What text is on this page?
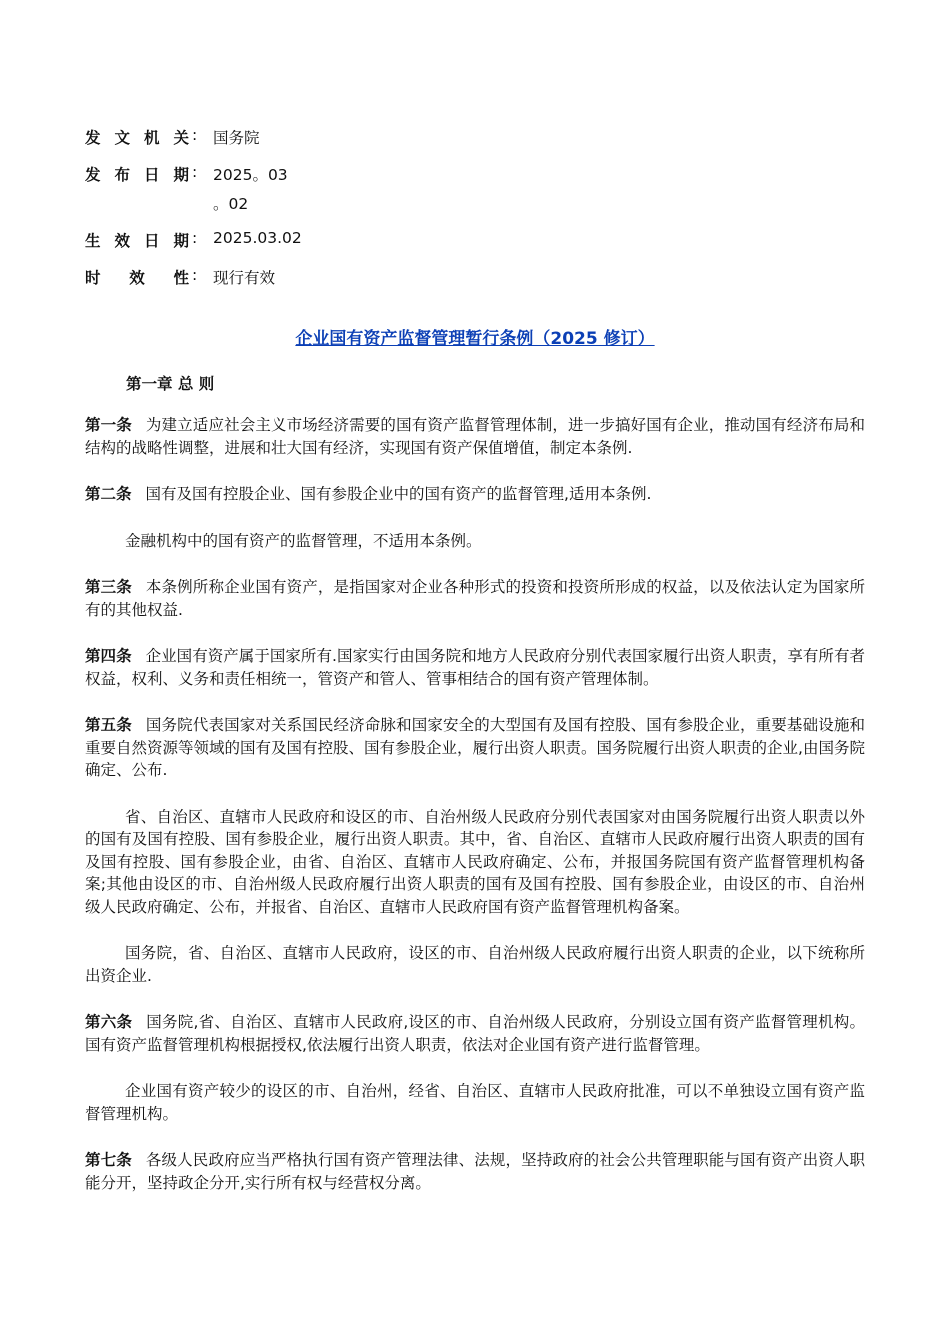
发 文 机 关 : 国务院
发 布 日 期 : 2025。03
。02
生 效 日 期 : 2025.03.02
时 效 性 : 现行有效
企业国有资产监督管理暂行条例（2025 修订）
第一章 总 则

第一条 为建立适应社会主义市场经济需要的国有资产监督管理体制，进一步搞好国有企业，推动国有经济布局和结构的战略性调整，进展和壮大国有经济，实现国有资产保值增值，制定本条例.

第二条 国有及国有控股企业、国有参股企业中的国有资产的监督管理,适用本条例.

金融机构中的国有资产的监督管理，不适用本条例。

第三条 本条例所称企业国有资产，是指国家对企业各种形式的投资和投资所形成的权益，以及依法认定为国家所有的其他权益.

第四条 企业国有资产属于国家所有.国家实行由国务院和地方人民政府分别代表国家履行出资人职责，享有所有者权益，权利、义务和责任相统一，管资产和管人、管事相结合的国有资产管理体制。

第五条 国务院代表国家对关系国民经济命脉和国家安全的大型国有及国有控股、国有参股企业，重要基础设施和重要自然资源等领域的国有及国有控股、国有参股企业，履行出资人职责。国务院履行出资人职责的企业,由国务院确定、公布.

省、自治区、直辖市人民政府和设区的市、自治州级人民政府分别代表国家对由国务院履行出资人职责以外的国有及国有控股、国有参股企业，履行出资人职责。其中，省、自治区、直辖市人民政府履行出资人职责的国有及国有控股、国有参股企业，由省、自治区、直辖市人民政府确定、公布，并报国务院国有资产监督管理机构备案;其他由设区的市、自治州级人民政府履行出资人职责的国有及国有控股、国有参股企业，由设区的市、自治州级人民政府确定、公布，并报省、自治区、直辖市人民政府国有资产监督管理机构备案。

国务院，省、自治区、直辖市人民政府，设区的市、自治州级人民政府履行出资人职责的企业，以下统称所出资企业.

第六条 国务院,省、自治区、直辖市人民政府,设区的市、自治州级人民政府，分别设立国有资产监督管理机构。国有资产监督管理机构根据授权,依法履行出资人职责，依法对企业国有资产进行监督管理。

企业国有资产较少的设区的市、自治州，经省、自治区、直辖市人民政府批准，可以不单独设立国有资产监督管理机构。

第七条 各级人民政府应当严格执行国有资产管理法律、法规，坚持政府的社会公共管理职能与国有资产出资人职能分开，坚持政企分开,实行所有权与经营权分离。
